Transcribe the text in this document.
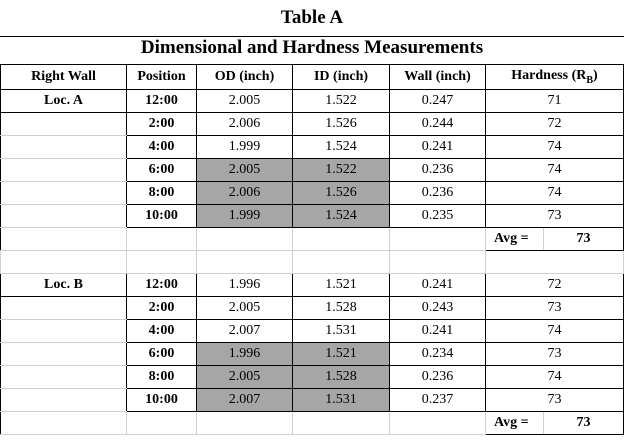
Table A
Dimensional and Hardness Measurements
Right Wall	Position	OD (inch)	ID (inch)	Wall (inch)	Hardness $(R_B)$	
Loc. A	12:00	2.005	1.522	0.247	71	
	2:00	2.006	1.526	0.244	72	
	4:00	1.999	1.524	0.241	74	
	6:00	2.005	1.522	0.236	74	
	8:00	2.006	1.526	0.236	74	
	10:00	1.999	1.524	0.235	73	
					Avg =	73

Loc. B	12:00	1.996	1.521	0.241	72	
	2:00	2.005	1.528	0.243	73	
	4:00	2.007	1.531	0.241	74	
	6:00	1.996	1.521	0.234	73	
	8:00	2.005	1.528	0.236	74	
	10:00	2.007	1.531	0.237	73	
					Avg =	73
